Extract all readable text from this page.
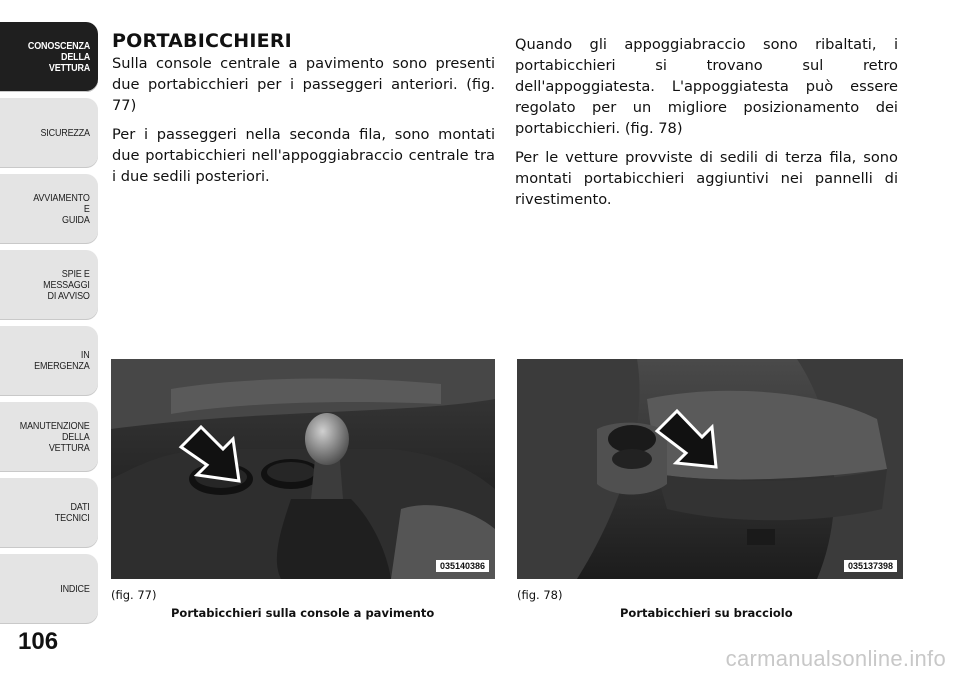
CONOSCENZA
DELLA
VETTURA
SICUREZZA
AVVIAMENTO
E
GUIDA
SPIE E
MESSAGGI
DI AVVISO
IN
EMERGENZA
MANUTENZIONE
DELLA
VETTURA
DATI
TECNICI
INDICE
106
PORTABICCHIERI

Sulla console centrale a pavimento sono presenti due portabicchieri per i passeggeri anteriori. (fig. 77)

Per i passeggeri nella seconda fila, sono montati due portabicchieri nell'appoggiabraccio centrale tra i due sedili posteriori.

Quando gli appoggiabraccio sono ribaltati, i portabicchieri si trovano sul retro dell'appoggiatesta. L'appoggiatesta può essere regolato per un migliore posizionamento dei portabicchieri. (fig. 78)

Per le vetture provviste di sedili di terza fila, sono montati portabicchieri aggiuntivi nei pannelli di rivestimento.

035140386
(fig. 77)
Portabicchieri sulla console a pavimento
035137398
(fig. 78)
Portabicchieri su bracciolo
carmanualsonline.info
